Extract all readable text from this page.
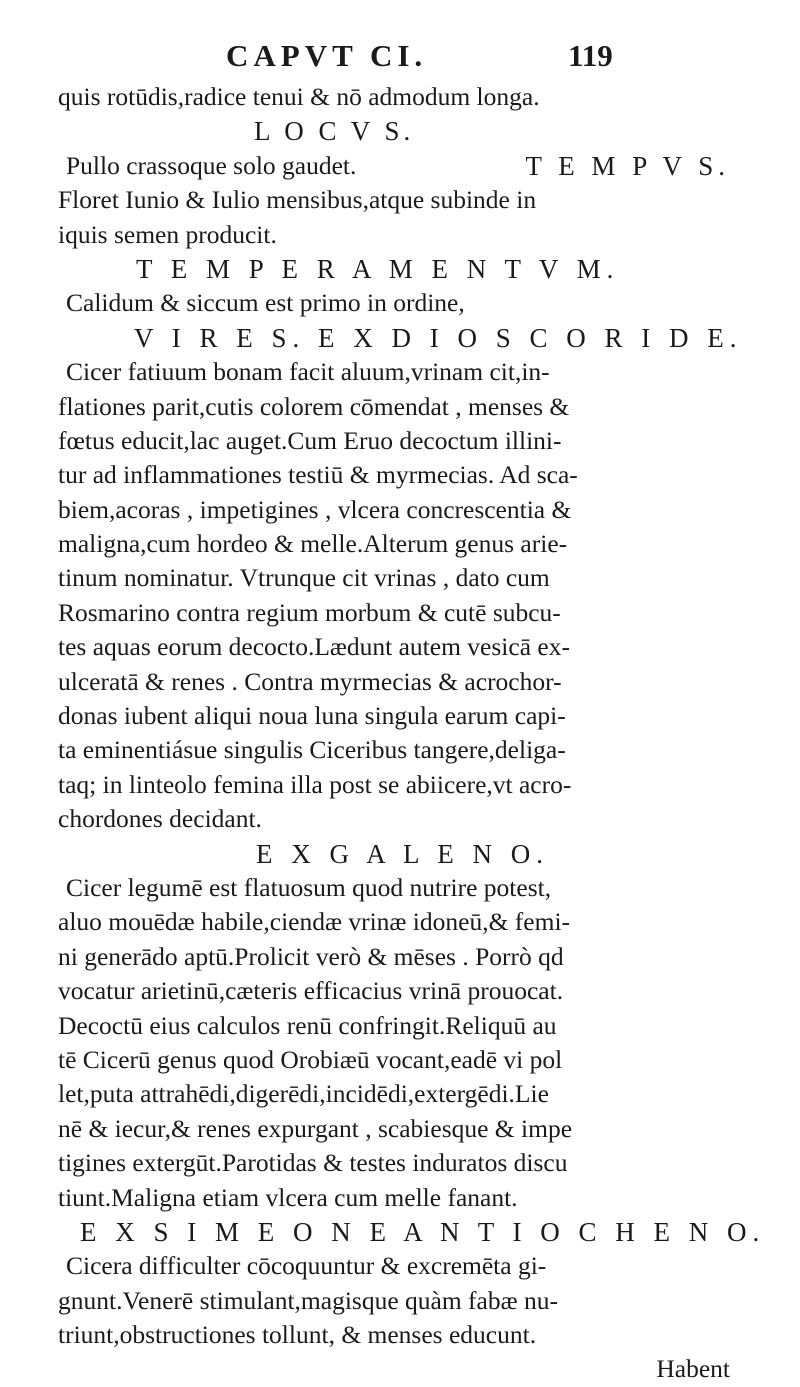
CAPVT CI.	119
quis rotūdis,radice tenui & nō admodum longa.
L O C V S.
Pullo crassoque solo gaudet.	T E M P V S.
Floret Iunio & Iulio mensibus,atque subinde in
iquis semen producit.
T E M P E R A M E N T V M.
Calidum & siccum est primo in ordine,
V I R E S. E X D I O S C O R I D E.
Cicer fatiuum bonam facit aluum,vrinam cit,in-
flationes parit,cutis colorem cōmendat , menses &
fœtus educit,lac auget.Cum Eruo decoctum illini-
tur ad inflammationes testiū & myrmecias. Ad sca-
biem,acoras , impetigines , vlcera concrescentia &
maligna,cum hordeo & melle.Alterum genus arie-
tinum nominatur. Vtrunque cit vrinas , dato cum
Rosmarino contra regium morbum & cutē subcu-
tes aquas eorum decocto.Lædunt autem vesicā ex-
ulceratā & renes . Contra myrmecias & acrochor-
donas iubent aliqui noua luna singula earum capi-
ta eminentiásue singulis Ciceribus tangere,deliga-
taq; in linteolo femina illa post se abiicere,vt acro-
chordones decidant.
E X G A L E N O.
Cicer legumē est flatuosum quod nutrire potest,
aluo mouēdæ habile,ciendæ vrinæ idoneū,& femi-
ni generādo aptū.Prolicit verò & mēses . Porrò qd
vocatur arietinū,cæteris efficacius vrinā prouocat.
Decoctū eius calculos renū confringit.Reliquū au
tē Cicerū genus quod Orobiæū vocant,eadē vi pol
let,puta attrahēdi,digerēdi,incidēdi,extergēdi.Lie
nē & iecur,& renes expurgant , scabiesque & impe
tigines extergūt.Parotidas & testes induratos discu
tiunt.Maligna etiam vlcera cum melle fanant.
E X S I M E O N E A N T I O C H E N O.
Cicera difficulter cōcoquuntur & excremēta gi-
gnunt.Venerē stimulant,magisque quàm fabæ nu-
triunt,obstructiones tollunt, & menses educunt.
Habent
